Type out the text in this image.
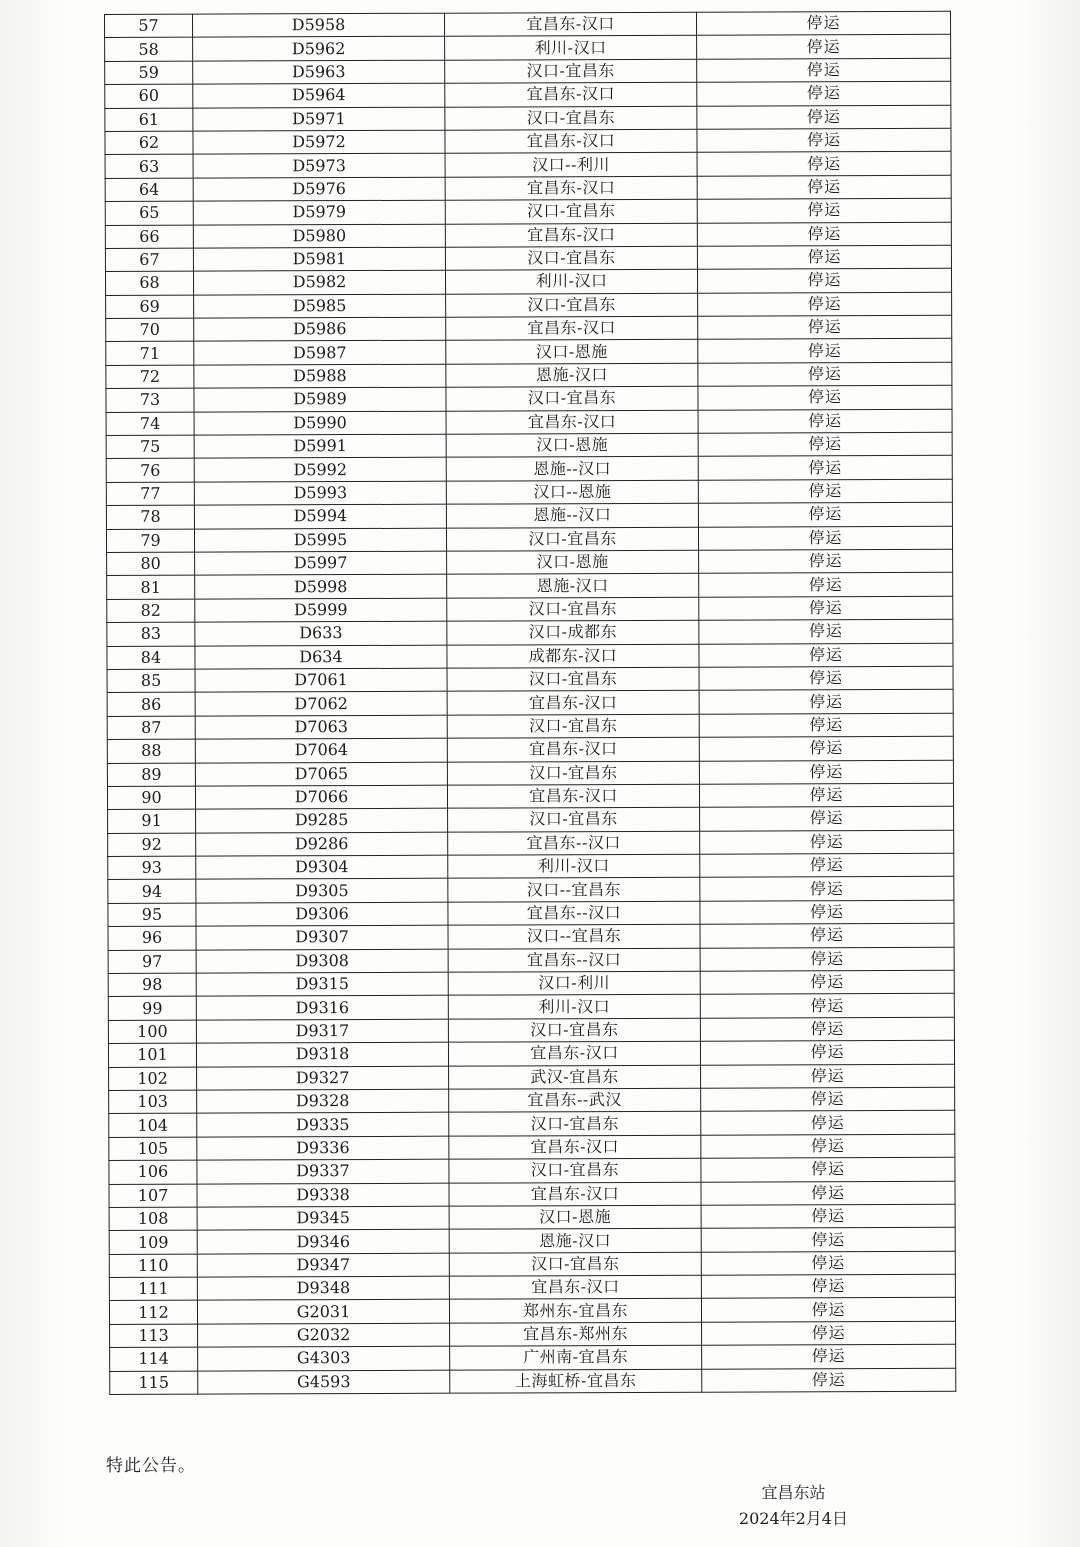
57	D5958	宜昌东-汉口	停运
58	D5962	利川-汉口	停运
59	D5963	汉口-宜昌东	停运
60	D5964	宜昌东-汉口	停运
61	D5971	汉口-宜昌东	停运
62	D5972	宜昌东-汉口	停运
63	D5973	汉口--利川	停运
64	D5976	宜昌东-汉口	停运
65	D5979	汉口-宜昌东	停运
66	D5980	宜昌东-汉口	停运
67	D5981	汉口-宜昌东	停运
68	D5982	利川-汉口	停运
69	D5985	汉口-宜昌东	停运
70	D5986	宜昌东-汉口	停运
71	D5987	汉口-恩施	停运
72	D5988	恩施-汉口	停运
73	D5989	汉口-宜昌东	停运
74	D5990	宜昌东-汉口	停运
75	D5991	汉口-恩施	停运
76	D5992	恩施--汉口	停运
77	D5993	汉口--恩施	停运
78	D5994	恩施--汉口	停运
79	D5995	汉口-宜昌东	停运
80	D5997	汉口-恩施	停运
81	D5998	恩施-汉口	停运
82	D5999	汉口-宜昌东	停运
83	D633	汉口-成都东	停运
84	D634	成都东-汉口	停运
85	D7061	汉口-宜昌东	停运
86	D7062	宜昌东-汉口	停运
87	D7063	汉口-宜昌东	停运
88	D7064	宜昌东-汉口	停运
89	D7065	汉口-宜昌东	停运
90	D7066	宜昌东-汉口	停运
91	D9285	汉口-宜昌东	停运
92	D9286	宜昌东--汉口	停运
93	D9304	利川-汉口	停运
94	D9305	汉口--宜昌东	停运
95	D9306	宜昌东--汉口	停运
96	D9307	汉口--宜昌东	停运
97	D9308	宜昌东--汉口	停运
98	D9315	汉口-利川	停运
99	D9316	利川-汉口	停运
100	D9317	汉口-宜昌东	停运
101	D9318	宜昌东-汉口	停运
102	D9327	武汉-宜昌东	停运
103	D9328	宜昌东--武汉	停运
104	D9335	汉口-宜昌东	停运
105	D9336	宜昌东-汉口	停运
106	D9337	汉口-宜昌东	停运
107	D9338	宜昌东-汉口	停运
108	D9345	汉口-恩施	停运
109	D9346	恩施-汉口	停运
110	D9347	汉口-宜昌东	停运
111	D9348	宜昌东-汉口	停运
112	G2031	郑州东-宜昌东	停运
113	G2032	宜昌东-郑州东	停运
114	G4303	广州南-宜昌东	停运
115	G4593	上海虹桥-宜昌东	停运
特此公告。
宜昌东站
2024年2月4日
